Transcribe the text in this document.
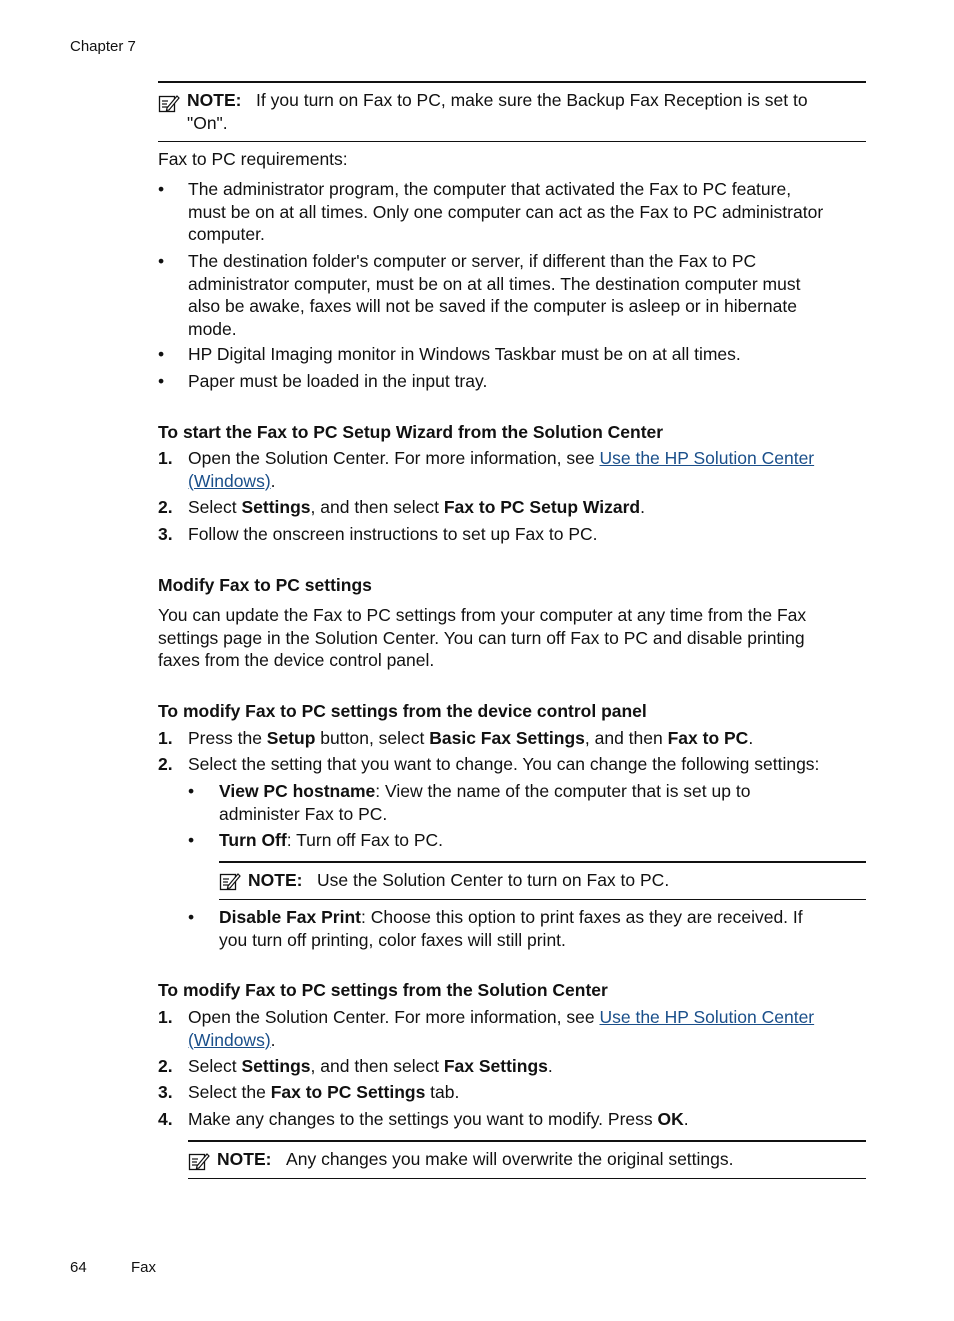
Chapter 7
NOTE: If you turn on Fax to PC, make sure the Backup Fax Reception is set to
"On".
Fax to PC requirements:
• The administrator program, the computer that activated the Fax to PC feature,
must be on at all times. Only one computer can act as the Fax to PC administrator
computer.
• The destination folder's computer or server, if different than the Fax to PC
administrator computer, must be on at all times. The destination computer must
also be awake, faxes will not be saved if the computer is asleep or in hibernate
mode.
• HP Digital Imaging monitor in Windows Taskbar must be on at all times.
• Paper must be loaded in the input tray.
To start the Fax to PC Setup Wizard from the Solution Center
1. Open the Solution Center. For more information, see Use the HP Solution Center
(Windows).
2. Select Settings, and then select Fax to PC Setup Wizard.
3. Follow the onscreen instructions to set up Fax to PC.
Modify Fax to PC settings
You can update the Fax to PC settings from your computer at any time from the Fax
settings page in the Solution Center. You can turn off Fax to PC and disable printing
faxes from the device control panel.
To modify Fax to PC settings from the device control panel
1. Press the Setup button, select Basic Fax Settings, and then Fax to PC.
2. Select the setting that you want to change. You can change the following settings:
• View PC hostname: View the name of the computer that is set up to
administer Fax to PC.
• Turn Off: Turn off Fax to PC.
NOTE: Use the Solution Center to turn on Fax to PC.
• Disable Fax Print: Choose this option to print faxes as they are received. If
you turn off printing, color faxes will still print.
To modify Fax to PC settings from the Solution Center
1. Open the Solution Center. For more information, see Use the HP Solution Center
(Windows).
2. Select Settings, and then select Fax Settings.
3. Select the Fax to PC Settings tab.
4. Make any changes to the settings you want to modify. Press OK.
NOTE: Any changes you make will overwrite the original settings.
64	Fax
